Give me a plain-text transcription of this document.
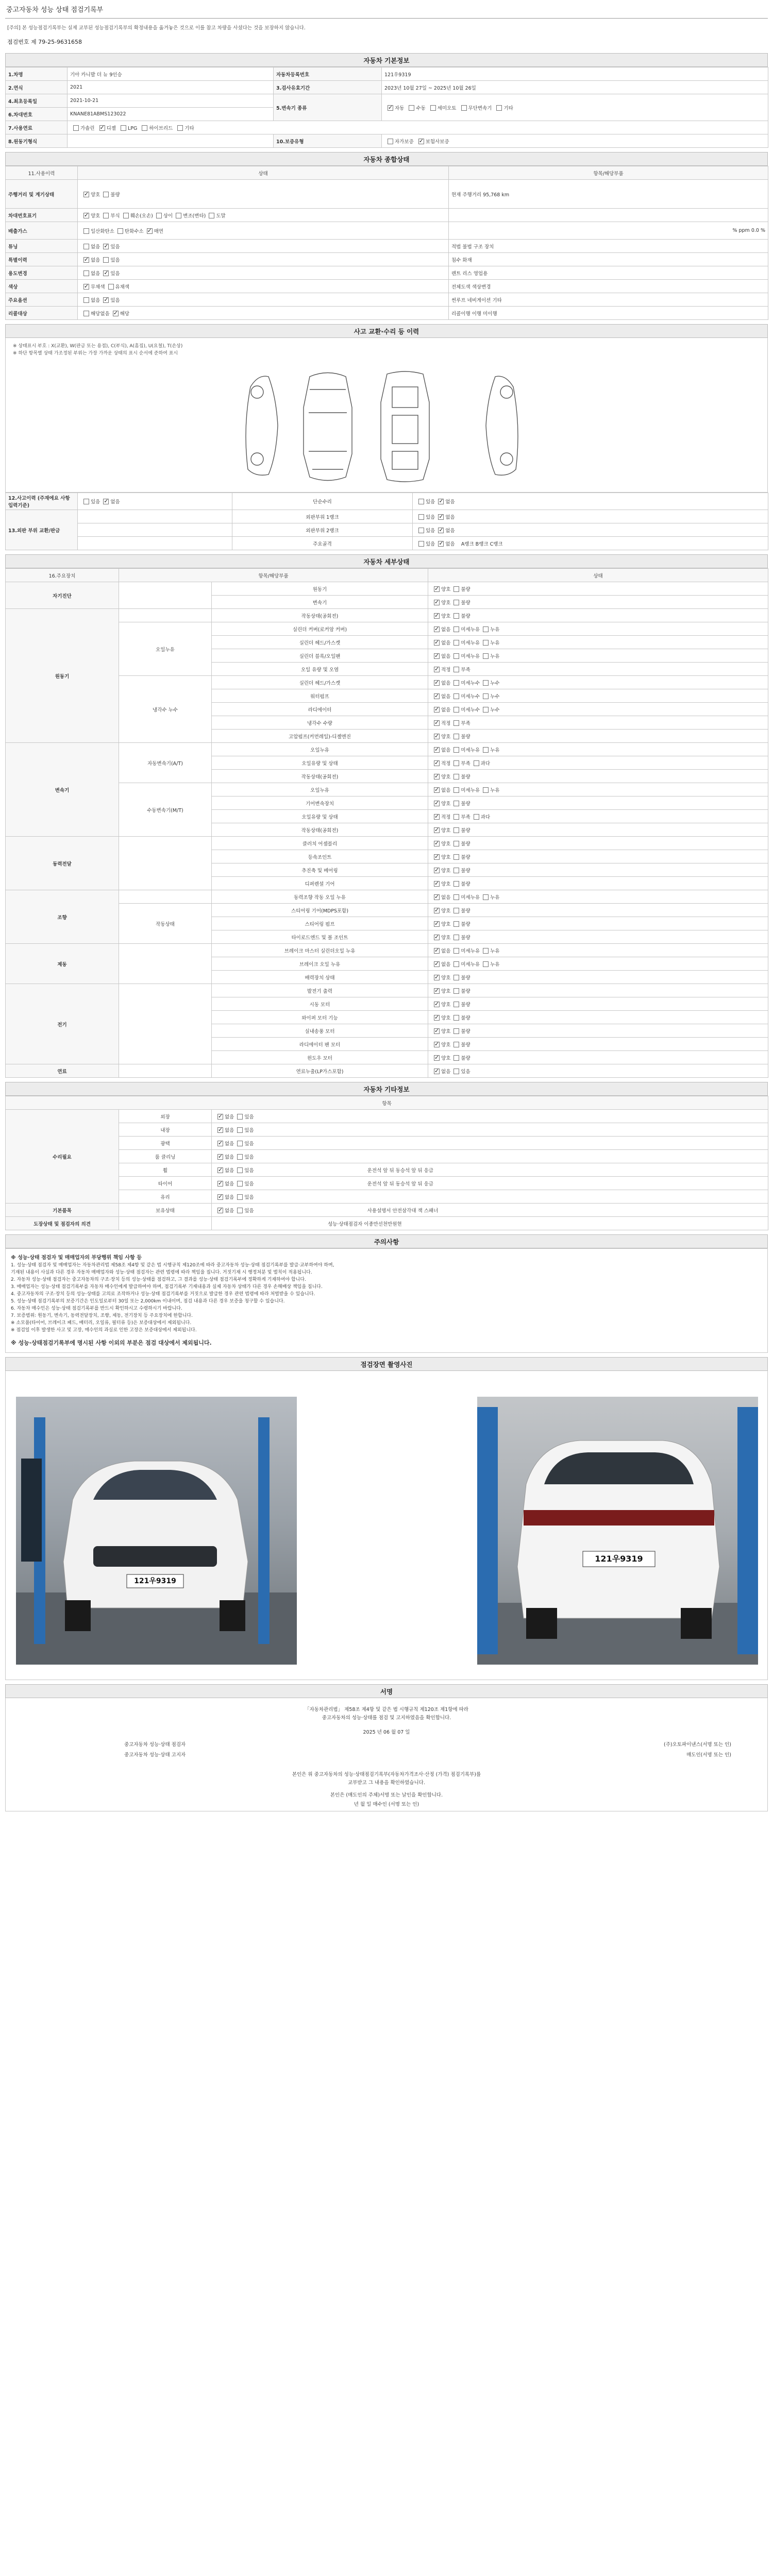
중고자동차 성능 상태 점검기록부
[주의] 본 성능점검기록부는 실제 교부된 성능점검기록부의 확정내용을 옮겨놓은 것으로 이를 참고 차량을 사셨다는 것을 보장하지 않습니다.
점검번호 제 79-25-9631658
자동차 기본정보
1.차명	기아 카니발 더 뉴 9인승	자동차등록번호	121우9319
2.연식	2021	3.검사유효기간	2023년 10월 27일 ~ 2025년 10월 26일
4.최초등록일	2021-10-21	5.변속기 종류	✓자동 수동 세미오토 무단변속기 기타
6.차대번호	KNANE81ABMS123022		
7.사용연료	가솔린 ✓ 디젤 LPG 하이브리드 기타
8.원동기형식		10.보증유형	자가보증 ✓ 보험사보증
자동차 종합상태
11.사용이력	상태	항목/해당부품
주행거리 및 계기상태	✓양호 불량	현재 주행거리 95,768 km
차대번호표기	✓양호 부식 훼손(오손) 상이 변조(변타) 도말	
배출가스	일산화탄소 탄화수소 ✓ 매연	% ppm 0.0 %
튜닝	없음 ✓ 있음	적법 불법 구조 장치
특별이력	✓없음 있음	침수 화재
용도변경	없음 ✓ 있음	렌트 리스 영업용
색상	✓무채색 유채색	전체도색 색상변경
주요옵션	없음 ✓ 있음	썬루프 네비게이션 기타
리콜대상	해당없음 ✓ 해당	리콜이행 이행 미이행
사고 교환·수리 등 이력
※ 상태표시 부호 : X(교환), W(판금 또는 용접), C(부식), A(흠집), U(요철), T(손상)
※ 하단 항목별 상태 가조정된 부위는 가장 가까운 상태의 표시 순서에 준하여 표시
12.사고이력 (주재에요 사항 입력기준)	있음 ✓ 없음	단순수리	있음 ✓ 없음
13.외판 부위 교환/판금		외판부위 1랭크	있음 ✓ 없음
		외판부위 2랭크	있음 ✓ 없음
		주요골격	있음 ✓ 없음 A랭크 B랭크 C랭크
자동차 세부상태
16.주요장치	항목/해당부품		상태
자기진단		원동기	✓양호 불량
		변속기	✓양호 불량
원동기		작동상태(공회전)	✓양호 불량
	오일누유	실린더 커버(로커암 커버)	✓없음 미세누유 누유
		실린더 헤드/가스켓	✓없음 미세누유 누유
		실린더 블록/오일팬	✓없음 미세누유 누유
		오일 유량 및 오염	✓적정 부족
	냉각수 누수	실린더 헤드/가스켓	✓없음 미세누수 누수
		워터펌프	✓없음 미세누수 누수
		라디에이터	✓없음 미세누수 누수
		냉각수 수량	✓적정 부족
		고압펌프(커먼레일)-디젤엔진	✓양호 불량
변속기	자동변속기(A/T)	오일누유	✓없음 미세누유 누유
		오일유량 및 상태	✓적정 부족 과다
		작동상태(공회전)	✓양호 불량
	수동변속기(M/T)	오일누유	✓없음 미세누유 누유
		기어변속장치	✓양호 불량
		오일유량 및 상태	✓적정 부족 과다
		작동상태(공회전)	✓양호 불량
동력전달		클러치 어셈블리	✓양호 불량
		등속조인트	✓양호 불량
		추진축 및 베어링	✓양호 불량
		디퍼렌셜 기어	✓양호 불량
조향		동력조향 작동 오일 누유	✓없음 미세누유 누유
	작동상태	스티어링 기어(MDPS포함)	✓양호 불량
		스티어링 펌프	✓양호 불량
		타이로드엔드 및 볼 조인트	✓양호 불량
제동		브레이크 마스터 실린더오일 누유	✓없음 미세누유 누유
		브레이크 오일 누유	✓없음 미세누유 누유
		배력장치 상태	✓양호 불량
전기		발전기 출력	✓양호 불량
		시동 모터	✓양호 불량
		와이퍼 모터 기능	✓양호 불량
		실내송풍 모터	✓양호 불량
		라디에이터 팬 모터	✓양호 불량
		윈도우 모터	✓양호 불량
연료		연료누출(LP가스포함)	✓없음 있음
자동차 기타정보
항목		
수리필요	외장	✓없음 있음
	내장	✓없음 있음
	광택	✓없음 있음
	룸 클리닝	✓없음 있음
	휠	✓없음 있음 운전석 앞 뒤 동승석 앞 뒤 응급
	타이어	✓없음 있음 운전석 앞 뒤 동승석 앞 뒤 응급
	유리	✓없음 있음
기본품목	보유상태	✓없음 있음 사용설명서 안전삼각대 잭 스패너
도장상태 및 점검자의 의견		성능·상태점검자 이종만선천만원현
주의사항
※ 성능·상태 점검자 및 매매업자의 부당행위 책임 사항 등
1. 성능·상태 점검자 및 매매업자는 자동차관리법 제58조 제4항 및 같은 법 시행규칙 제120조에 따라 중고자동차 성능·상태 점검기록부를 발급·교부하여야 하며,
기재된 내용이 사실과 다른 경우 자동차 매매업자와 성능·상태 점검자는 관련 법령에 따라 책임을 집니다. 거짓기재 시 행정처분 및 벌칙이 적용됩니다.
2. 자동차 성능·상태 점검자는 중고자동차의 구조·장치 등의 성능·상태를 점검하고, 그 결과를 성능·상태 점검기록부에 정확하게 기재하여야 합니다.
3. 매매업자는 성능·상태 점검기록부를 자동차 매수인에게 발급하여야 하며, 점검기록부 기재내용과 실제 자동차 상태가 다른 경우 손해배상 책임을 집니다.
4. 중고자동차의 구조·장치 등의 성능·상태를 고의로 조작하거나 성능·상태 점검기록부를 거짓으로 발급한 경우 관련 법령에 따라 처벌받을 수 있습니다.
5. 성능·상태 점검기록부의 보증기간은 인도일로부터 30일 또는 2,000km 이내이며, 점검 내용과 다른 경우 보증을 청구할 수 있습니다.
6. 자동차 매수인은 성능·상태 점검기록부를 반드시 확인하시고 수령하시기 바랍니다.
7. 보증범위: 원동기, 변속기, 동력전달장치, 조향, 제동, 전기장치 등 주요장치에 한합니다.
※ 소모품(타이어, 브레이크 패드, 배터리, 오일류, 필터류 등)은 보증대상에서 제외됩니다.
※ 점검일 이후 발생한 사고 및 고장, 매수인의 과실로 인한 고장은 보증대상에서 제외됩니다.
※ 성능·상태점검기록부에 명시된 사항 이외의 부분은 점검 대상에서 제외됩니다.
점검장면 촬영사진
121우9319
121우9319
서명
「자동차관리법」 제58조 제4항 및 같은 법 시행규칙 제120조 제1항에 따라
중고자동차의 성능·상태를 점검 및 고지하였음을 확인합니다.
2025 년 06 월 07 일
중고자동차 성능·상태 점검자	(주)오토파이낸스(서명 또는 인)
중고자동차 성능·상태 고지자	매도인(서명 또는 인)
본인은 위 중고자동차의 성능·상태점검기록부(자동차가격조사·산정 (가격) 점검기록부)를
교부받고 그 내용을 확인하였습니다.
본인은 (매도인의 주체)서명 또는 날인을 확인합니다.
년 월 일 매수인 (서명 또는 인)
